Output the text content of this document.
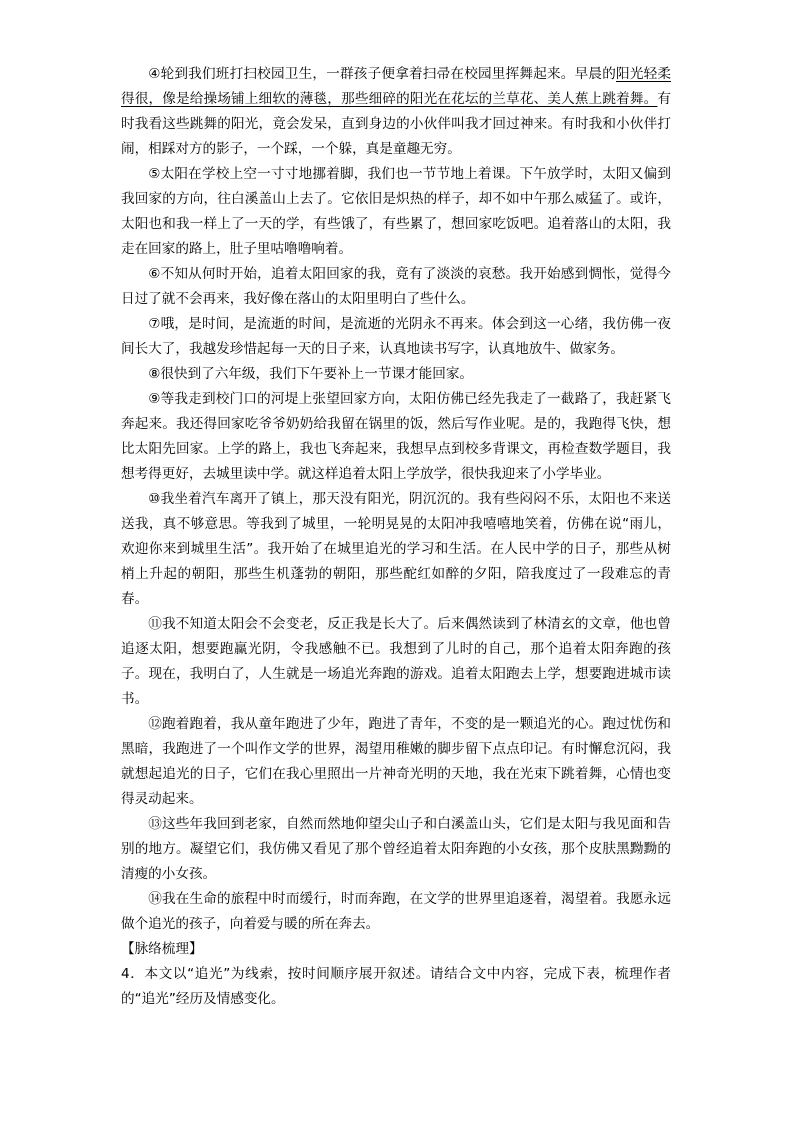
④轮到我们班打扫校园卫生，一群孩子便拿着扫帚在校园里挥舞起来。早晨的阳光轻柔得很，像是给操场铺上细软的薄毯，那些细碎的阳光在花坛的兰草花、美人蕉上跳着舞。有时我看这些跳舞的阳光，竟会发呆，直到身边的小伙伴叫我才回过神来。有时我和小伙伴打闹，相踩对方的影子，一个踩，一个躲，真是童趣无穷。

⑤太阳在学校上空一寸寸地挪着脚，我们也一节节地上着课。下午放学时，太阳又偏到我回家的方向，往白溪盖山上去了。它依旧是炽热的样子，却不如中午那么威猛了。或许，太阳也和我一样上了一天的学，有些饿了，有些累了，想回家吃饭吧。追着落山的太阳，我走在回家的路上，肚子里咕噜噜响着。

⑥不知从何时开始，追着太阳回家的我，竟有了淡淡的哀愁。我开始感到惆怅，觉得今日过了就不会再来，我好像在落山的太阳里明白了些什么。

⑦哦，是时间，是流逝的时间，是流逝的光阴永不再来。体会到这一心绪，我仿佛一夜间长大了，我越发珍惜起每一天的日子来，认真地读书写字，认真地放牛、做家务。

⑧很快到了六年级，我们下午要补上一节课才能回家。

⑨等我走到校门口的河堤上张望回家方向，太阳仿佛已经先我走了一截路了，我赶紧飞奔起来。我还得回家吃爷爷奶奶给我留在锅里的饭，然后写作业呢。是的，我跑得飞快，想比太阳先回家。上学的路上，我也飞奔起来，我想早点到校多背课文，再检查数学题目，我想考得更好，去城里读中学。就这样追着太阳上学放学，很快我迎来了小学毕业。

⑩我坐着汽车离开了镇上，那天没有阳光，阴沉沉的。我有些闷闷不乐，太阳也不来送送我，真不够意思。等我到了城里，一轮明晃晃的太阳冲我嘻嘻地笑着，仿佛在说“雨儿，欢迎你来到城里生活”。我开始了在城里追光的学习和生活。在人民中学的日子，那些从树梢上升起的朝阳，那些生机蓬勃的朝阳，那些酡红如醉的夕阳，陪我度过了一段难忘的青春。

⑪我不知道太阳会不会变老，反正我是长大了。后来偶然读到了林清玄的文章，他也曾追逐太阳，想要跑赢光阴，令我感触不已。我想到了儿时的自己，那个追着太阳奔跑的孩子。现在，我明白了，人生就是一场追光奔跑的游戏。追着太阳跑去上学，想要跑进城市读书。

⑫跑着跑着，我从童年跑进了少年，跑进了青年，不变的是一颗追光的心。跑过忧伤和黑暗，我跑进了一个叫作文学的世界，渴望用稚嫩的脚步留下点点印记。有时懈怠沉闷，我就想起追光的日子，它们在我心里照出一片神奇光明的天地，我在光束下跳着舞，心情也变得灵动起来。

⑬这些年我回到老家，自然而然地仰望尖山子和白溪盖山头，它们是太阳与我见面和告别的地方。凝望它们，我仿佛又看见了那个曾经追着太阳奔跑的小女孩，那个皮肤黑黝黝的清瘦的小女孩。

⑭我在生命的旅程中时而缓行，时而奔跑，在文学的世界里追逐着，渴望着。我愿永远做个追光的孩子，向着爱与暖的所在奔去。

【脉络梳理】

4．本文以“追光”为线索，按时间顺序展开叙述。请结合文中内容，完成下表，梳理作者的“追光”经历及情感变化。
